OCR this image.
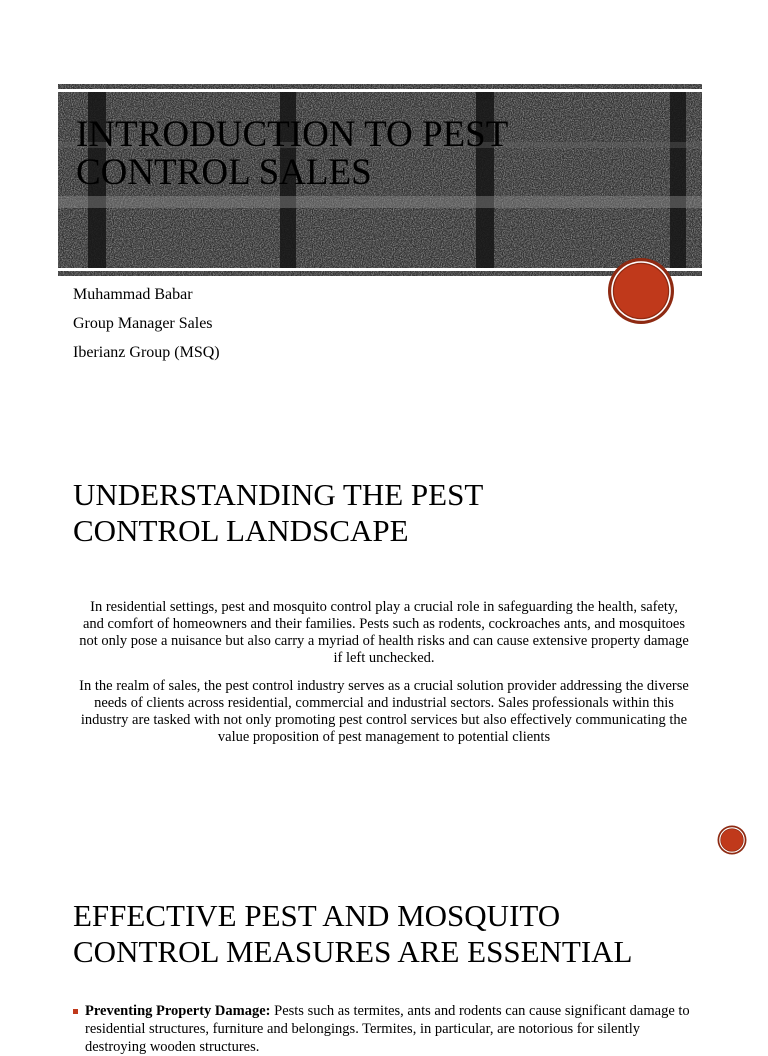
INTRODUCTION TO PEST CONTROL SALES
Muhammad Babar
Group Manager Sales
Iberianz Group (MSQ)
UNDERSTANDING THE PEST CONTROL LANDSCAPE

In residential settings, pest and mosquito control play a crucial role in safeguarding the health, safety, and comfort of homeowners and their families. Pests such as rodents, cockroaches ants, and mosquitoes not only pose a nuisance but also carry a myriad of health risks and can cause extensive property damage if left unchecked.

In the realm of sales, the pest control industry serves as a crucial solution provider addressing the diverse needs of clients across residential, commercial and industrial sectors. Sales professionals within this industry are tasked with not only promoting pest control services but also effectively communicating the value proposition of pest management to potential clients

EFFECTIVE PEST AND MOSQUITO CONTROL MEASURES ARE ESSENTIAL
Preventing Property Damage: Pests such as termites, ants and rodents can cause significant damage to residential structures, furniture and belongings. Termites, in particular, are notorious for silently destroying wooden structures.
